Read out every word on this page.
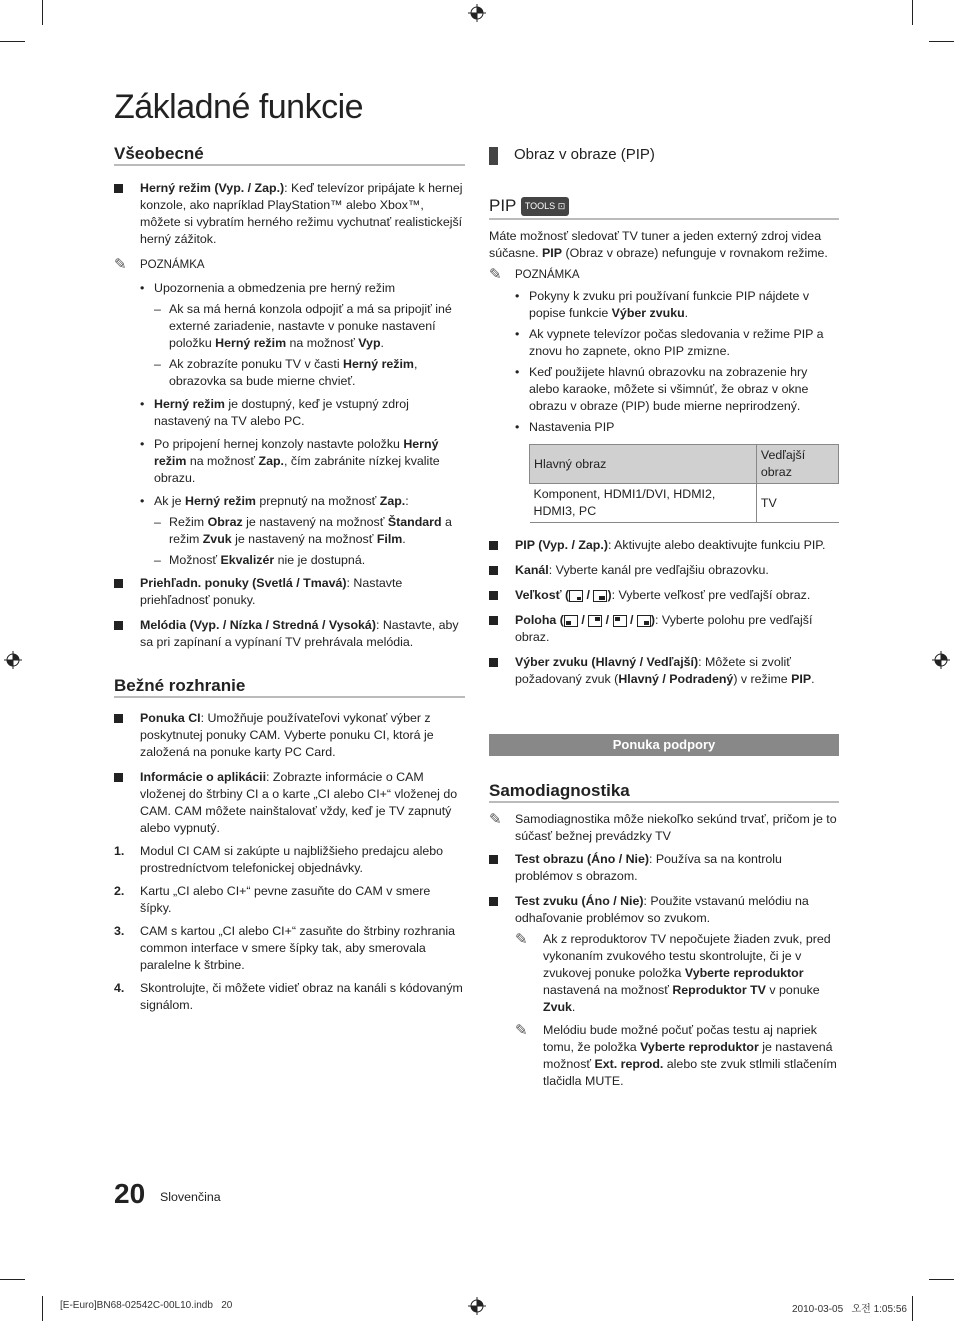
Základné funkcie
Všeobecné
Herný režim (Vyp. / Zap.): Keď televízor pripájate k hernej konzole, ako napríklad PlayStation™ alebo Xbox™, môžete si vybratím herného režimu vychutnať realistickejší herný zážitok.
✎ POZNÁMKA
• Upozornenia a obmedzenia pre herný režim
– Ak sa má herná konzola odpojiť a má sa pripojiť iné externé zariadenie, nastavte v ponuke nastavení položku Herný režim na možnosť Vyp.
– Ak zobrazíte ponuku TV v časti Herný režim, obrazovka sa bude mierne chvieť.
• Herný režim je dostupný, keď je vstupný zdroj nastavený na TV alebo PC.
• Po pripojení hernej konzoly nastavte položku Herný režim na možnosť Zap., čím zabránite nízkej kvalite obrazu.
• Ak je Herný režim prepnutý na možnosť Zap.:
– Režim Obraz je nastavený na možnosť Štandard a režim Zvuk je nastavený na možnosť Film.
– Možnosť Ekvalizér nie je dostupná.
Priehľadn. ponuky (Svetlá / Tmavá): Nastavte priehľadnosť ponuky.
Melódia (Vyp. / Nízka / Stredná / Vysoká): Nastavte, aby sa pri zapínaní a vypínaní TV prehrávala melódia.
Bežné rozhranie
Ponuka CI: Umožňuje používateľovi vykonať výber z poskytnutej ponuky CAM. Vyberte ponuku CI, ktorá je založená na ponuke karty PC Card.
Informácie o aplikácii: Zobrazte informácie o CAM vloženej do štrbiny CI a o karte „CI alebo CI+“ vloženej do CAM. CAM môžete nainštalovať vždy, keď je TV zapnutý alebo vypnutý.
1. Modul CI CAM si zakúpte u najbližšieho predajcu alebo prostredníctvom telefonickej objednávky.
2. Kartu „CI alebo CI+“ pevne zasuňte do CAM v smere šípky.
3. CAM s kartou „CI alebo CI+“ zasuňte do štrbiny rozhrania common interface v smere šípky tak, aby smerovala paralelne k štrbine.
4. Skontrolujte, či môžete vidieť obraz na kanáli s kódovaným signálom.
Obraz v obraze (PIP)
PIP TOOLS ⊡
Máte možnosť sledovať TV tuner a jeden externý zdroj videa súčasne. PIP (Obraz v obraze) nefunguje v rovnakom režime.
✎ POZNÁMKA
• Pokyny k zvuku pri používaní funkcie PIP nájdete v popise funkcie Výber zvuku.
• Ak vypnete televízor počas sledovania v režime PIP a znovu ho zapnete, okno PIP zmizne.
• Keď použijete hlavnú obrazovku na zobrazenie hry alebo karaoke, môžete si všimnúť, že obraz v okne obrazu v obraze (PIP) bude mierne neprirodzený.
• Nastavenia PIP
Hlavný obraz	Vedľajší obraz
Komponent, HDMI1/DVI, HDMI2, HDMI3, PC	TV
PIP (Vyp. / Zap.): Aktivujte alebo deaktivujte funkciu PIP.
Kanál: Vyberte kanál pre vedľajšiu obrazovku.
Veľkosť (
/
): Vyberte veľkosť pre vedľajší obraz.
Poloha (
/
/
/
): Vyberte polohu pre vedľajší obraz.
Výber zvuku (Hlavný / Vedľajší): Môžete si zvoliť požadovaný zvuk (Hlavný / Podradený) v režime PIP.
Ponuka podpory
Samodiagnostika
✎ Samodiagnostika môže niekoľko sekúnd trvať, pričom je to súčasť bežnej prevádzky TV
Test obrazu (Áno / Nie): Používa sa na kontrolu problémov s obrazom.
Test zvuku (Áno / Nie): Použite vstavanú melódiu na odhaľovanie problémov so zvukom.
✎ Ak z reproduktorov TV nepočujete žiaden zvuk, pred vykonaním zvukového testu skontrolujte, či je v zvukovej ponuke položka Vyberte reproduktor nastavená na možnosť Reproduktor TV v ponuke Zvuk.
✎ Melódiu bude možné počuť počas testu aj napriek tomu, že položka Vyberte reproduktor je nastavená možnosť Ext. reprod. alebo ste zvuk stlmili stlačením tlačidla MUTE.
20 Slovenčina
[E-Euro]BN68-02542C-00L10.indb   20	2010-03-05   오전 1:05:56
